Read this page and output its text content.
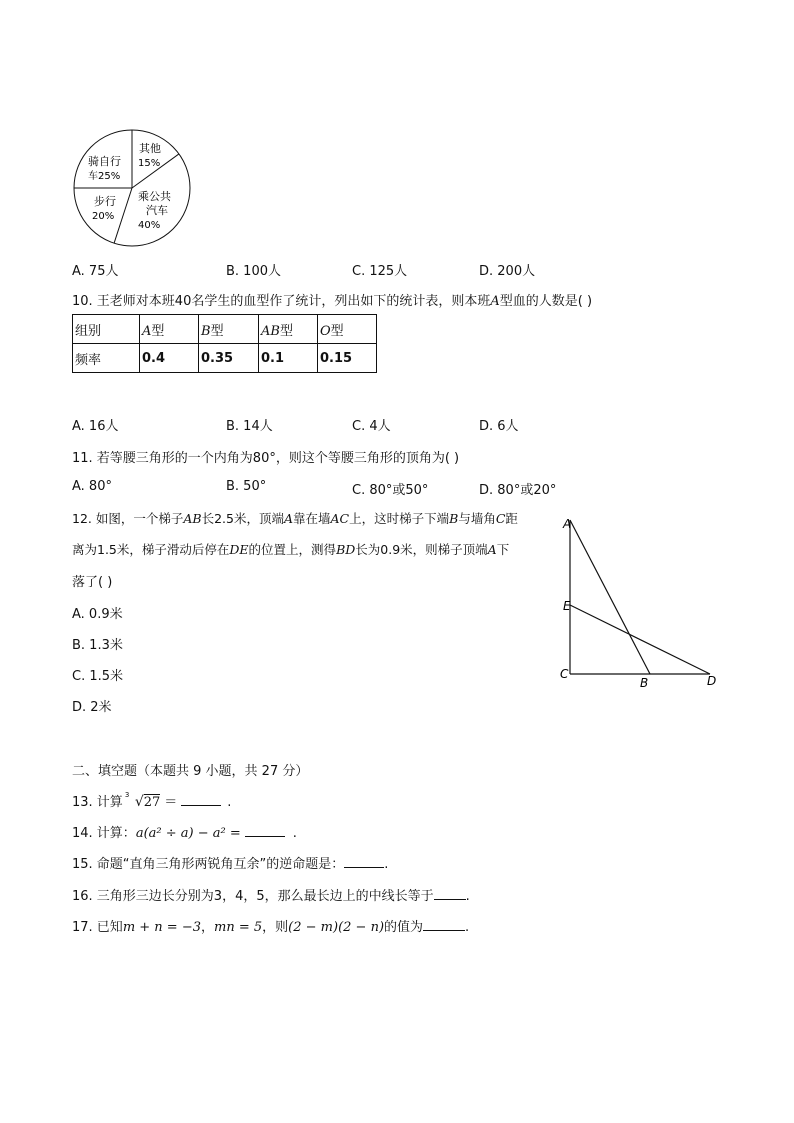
其他
15%
乘公共
汽车
40%
步行
20%
骑自行
车25%
A. 75人	B. 100人	C. 125人	D. 200人
10. 王老师对本班40名学生的血型作了统计，列出如下的统计表，则本班A型血的人数是( )
组别	A型	B型	AB型	O型
频率	0.4	0.35	0.1	0.15
A. 16人	B. 14人	C. 4人	D. 6人
11. 若等腰三角形的一个内角为80°，则这个等腰三角形的顶角为( )
A. 80°	B. 50°	C. 80°或50°	D. 80°或20°
12. 如图，一个梯子AB长2.5米，顶端A靠在墙AC上，这时梯子下端B与墙角C距
离为1.5米，梯子滑动后停在DE的位置上，测得BD长为0.9米，则梯子顶端A下
落了( )
A. 0.9米
B. 1.3米
C. 1.5米
D. 2米
A
E
C
B	D
二、填空题（本题共 9 小题，共 27 分）
13. 计算 3 √27 ＝	.
14. 计算：a(a² ÷ a) − a² =	.
15. 命题“直角三角形两锐角互余”的逆命题是：	.
16. 三角形三边长分别为3，4，5，那么最长边上的中线长等于 .
17. 已知m + n = −3，mn = 5，则(2 − m)(2 − n)的值为	.
